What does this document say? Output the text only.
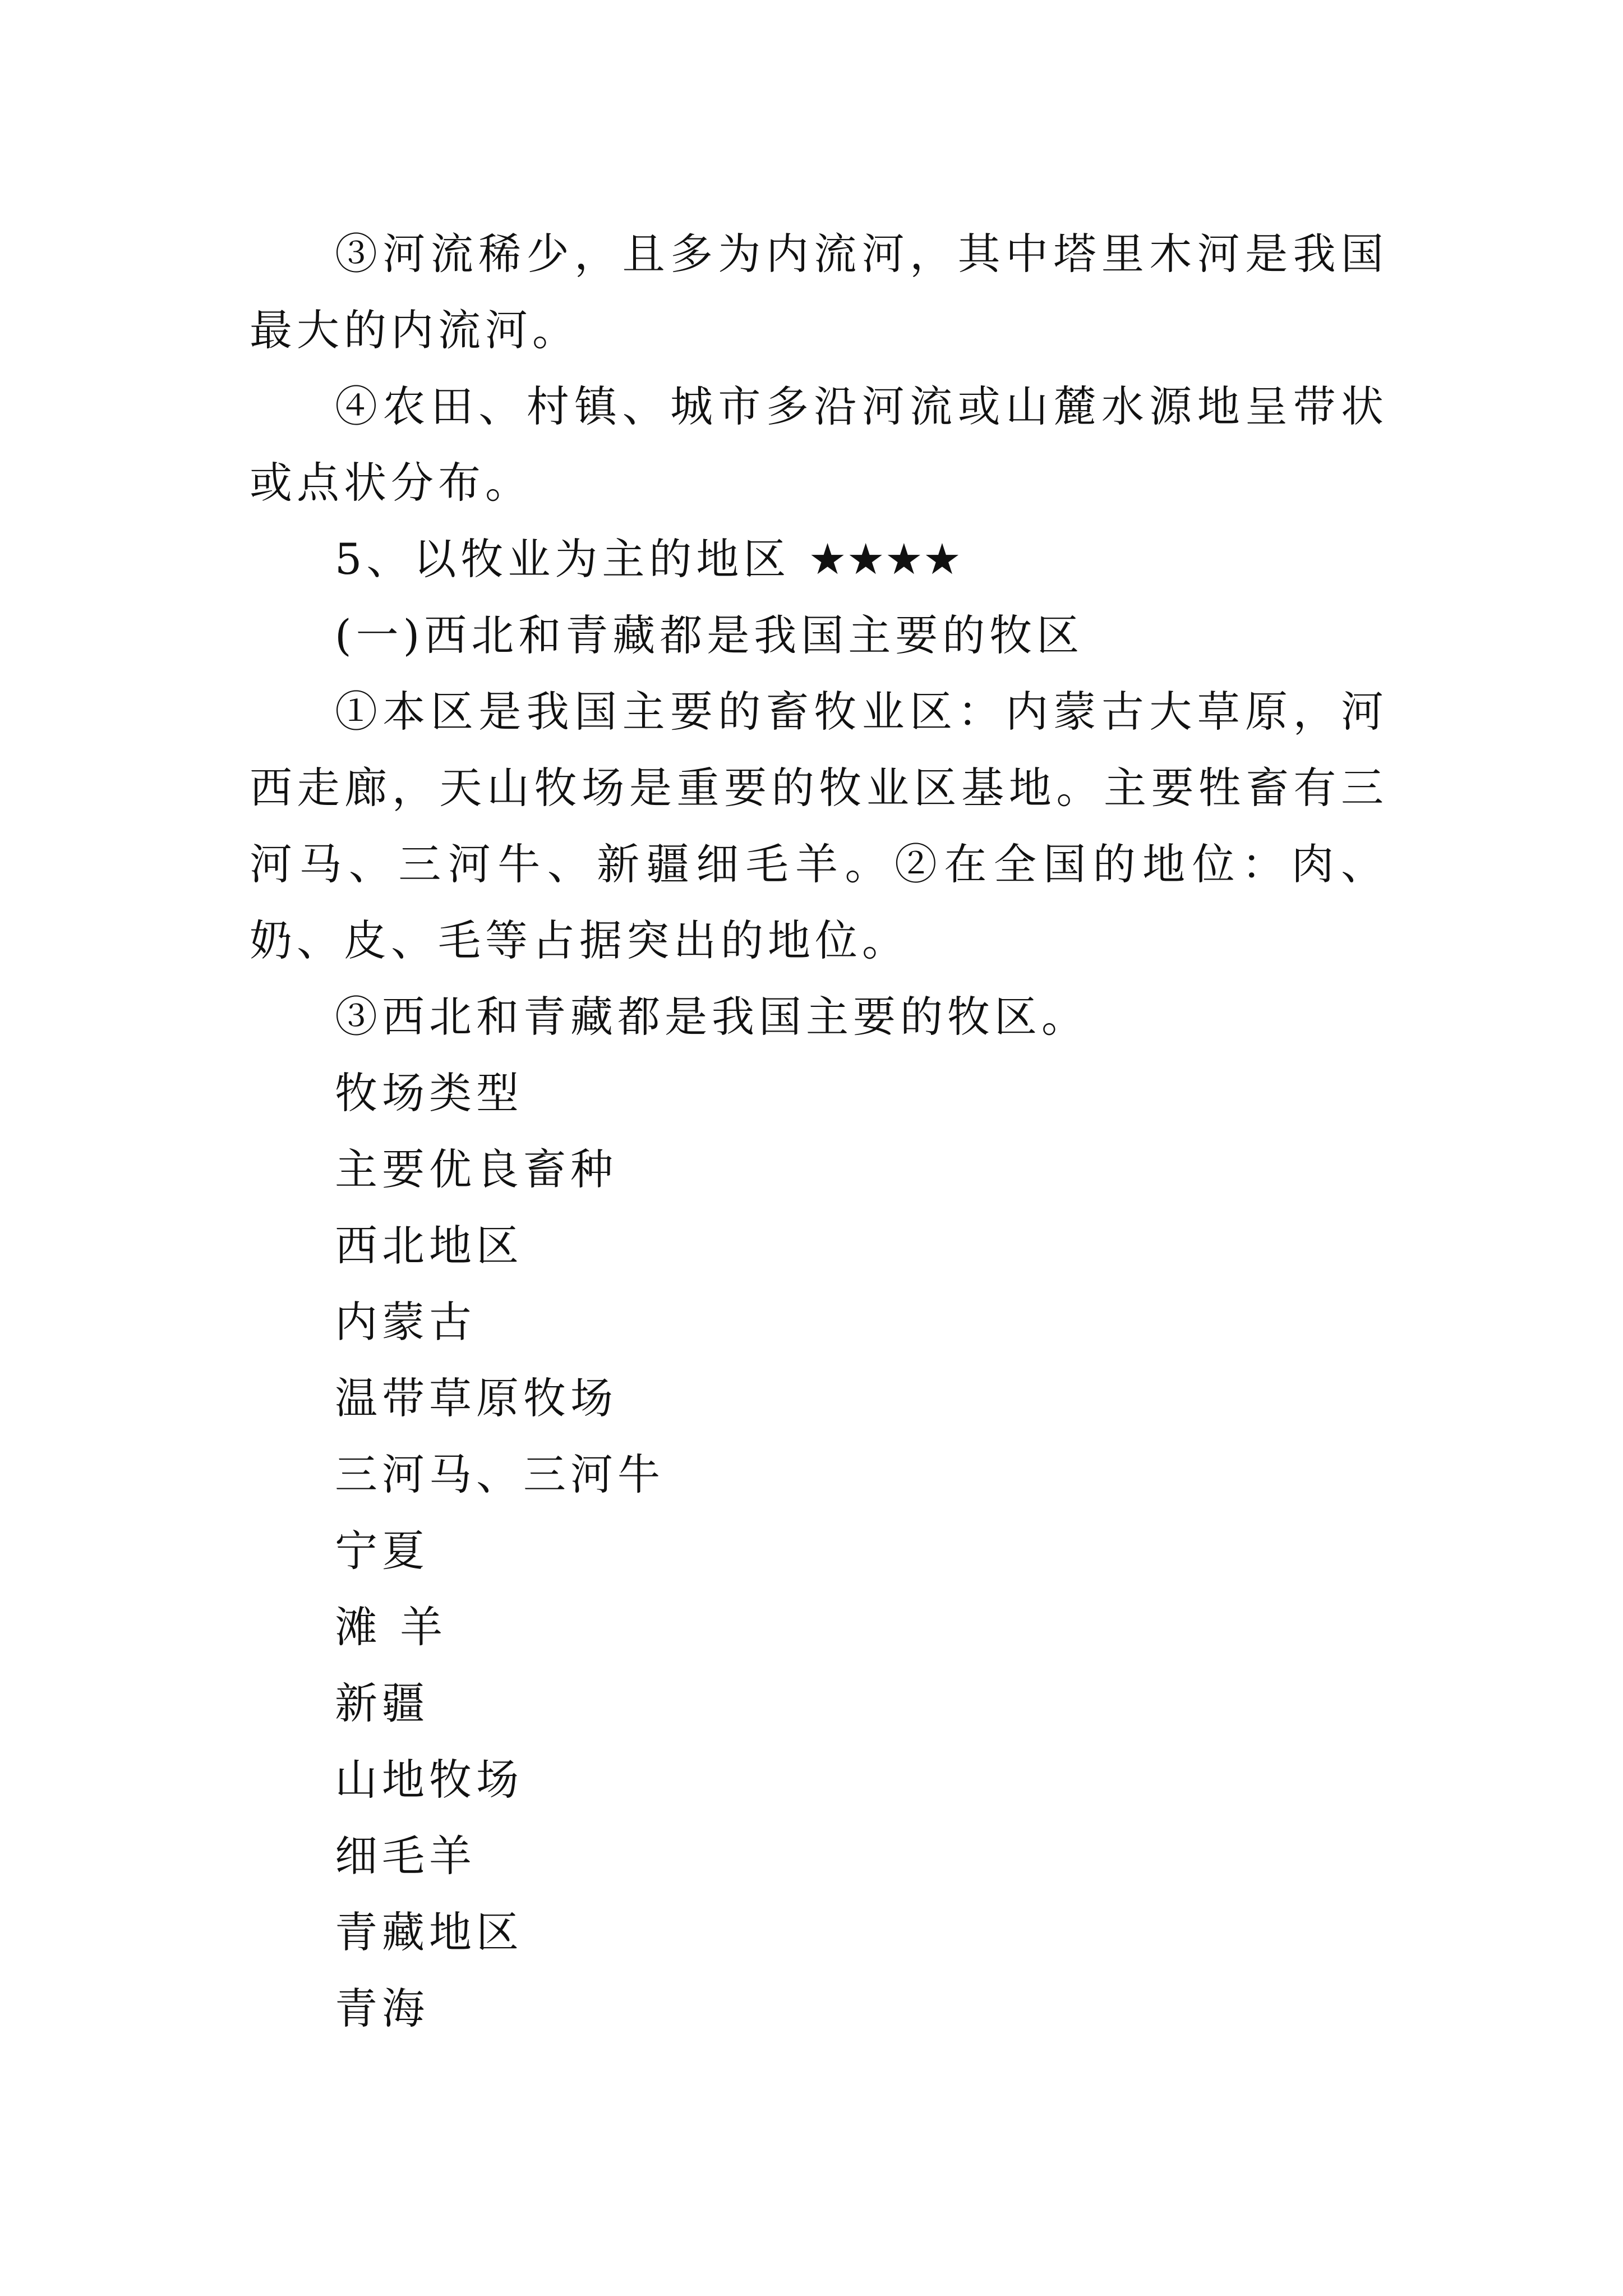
③河流稀少，且多为内流河，其中塔里木河是我国最大的内流河。

④农田、村镇、城市多沿河流或山麓水源地呈带状或点状分布。

5、以牧业为主的地区 ★★★★

(一)西北和青藏都是我国主要的牧区

①本区是我国主要的畜牧业区：内蒙古大草原，河西走廊，天山牧场是重要的牧业区基地。主要牲畜有三河马、三河牛、新疆细毛羊。②在全国的地位：肉、奶、皮、毛等占据突出的地位。

③西北和青藏都是我国主要的牧区。

牧场类型

主要优良畜种

西北地区

内蒙古

温带草原牧场

三河马、三河牛

宁夏

滩 羊

新疆

山地牧场

细毛羊

青藏地区

青海
